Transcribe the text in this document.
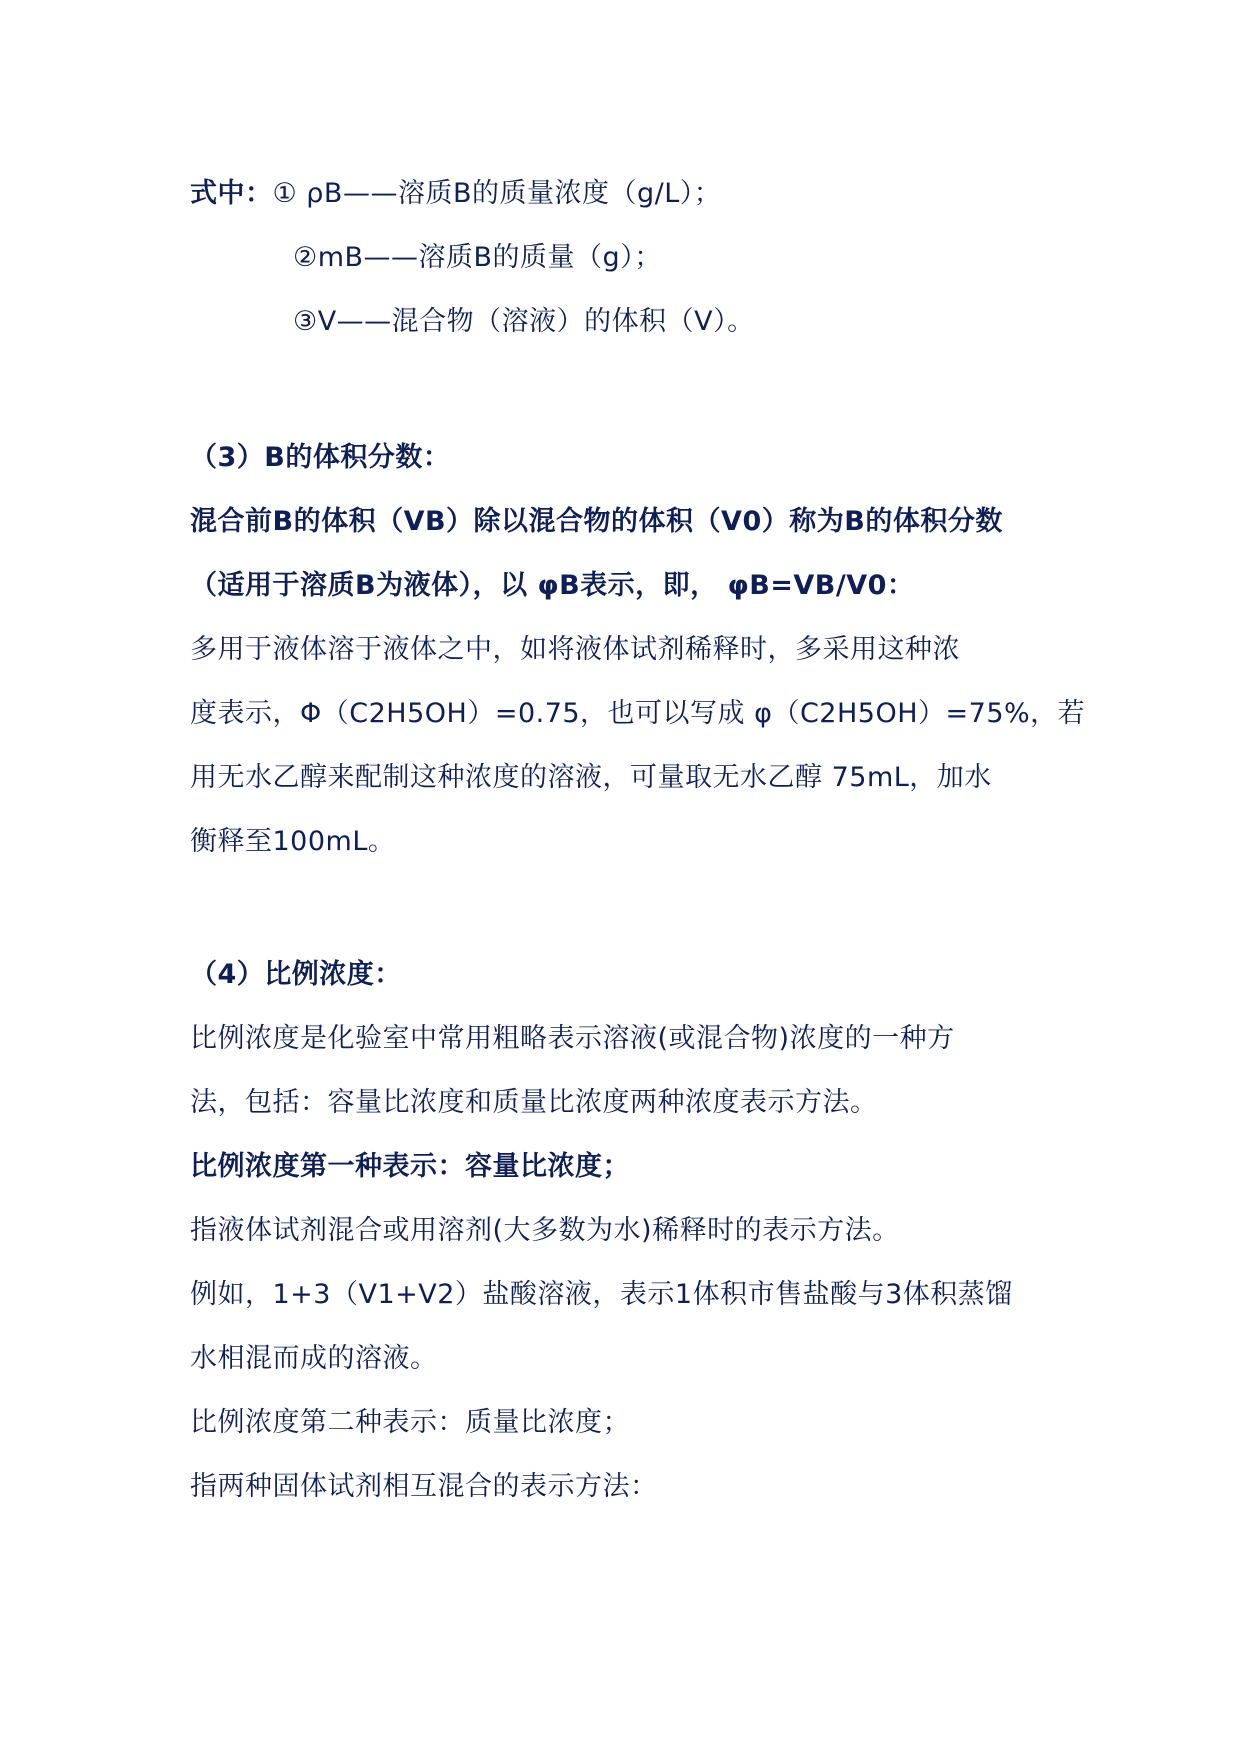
式中：① ρB——溶质B的质量浓度（g/L）；
②mB——溶质B的质量（g）；
③V——混合物（溶液）的体积（V）。
（3）B的体积分数：
混合前B的体积（VB）除以混合物的体积（V0）称为B的体积分数
（适用于溶质B为液体），以 φB表示，即， φB=VB/V0：
多用于液体溶于液体之中，如将液体试剂稀释时，多采用这种浓
度表示，Φ（C2H5OH）=0.75，也可以写成 φ（C2H5OH）=75%，若
用无水乙醇来配制这种浓度的溶液，可量取无水乙醇 75mL，加水
衡释至100mL。
（4）比例浓度：
比例浓度是化验室中常用粗略表示溶液(或混合物)浓度的一种方
法，包括：容量比浓度和质量比浓度两种浓度表示方法。
比例浓度第一种表示：容量比浓度；
指液体试剂混合或用溶剂(大多数为水)稀释时的表示方法。
例如，1+3（V1+V2）盐酸溶液，表示1体积市售盐酸与3体积蒸馏
水相混而成的溶液。
比例浓度第二种表示：质量比浓度；
指两种固体试剂相互混合的表示方法：
